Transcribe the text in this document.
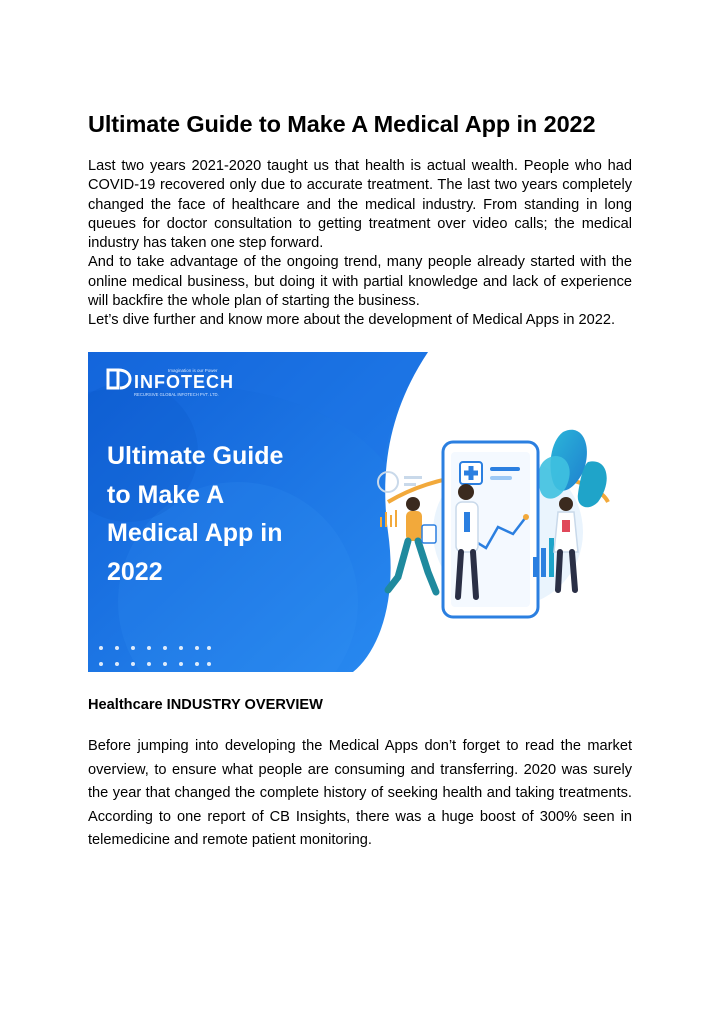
Ultimate Guide to Make A Medical App in 2022

Last two years 2021-2020 taught us that health is actual wealth. People who had COVID-19 recovered only due to accurate treatment. The last two years completely changed the face of healthcare and the medical industry. From standing in long queues for doctor consultation to getting treatment over video calls; the medical industry has taken one step forward.

And to take advantage of the ongoing trend, many people already started with the online medical business, but doing it with partial knowledge and lack of experience will backfire the whole plan of starting the business.

Let’s dive further and know more about the development of Medical Apps in 2022.

INFOTECH
Imagination is our Power
RECURSIVE GLOBAL INFOTECH PVT. LTD.
Ultimate Guide
to Make A
Medical App in
2022
Healthcare INDUSTRY OVERVIEW

Before jumping into developing the Medical Apps don’t forget to read the market overview, to ensure what people are consuming and transferring. 2020 was surely the year that changed the complete history of seeking health and taking treatments. According to one report of CB Insights, there was a huge boost of 300% seen in telemedicine and remote patient monitoring.
